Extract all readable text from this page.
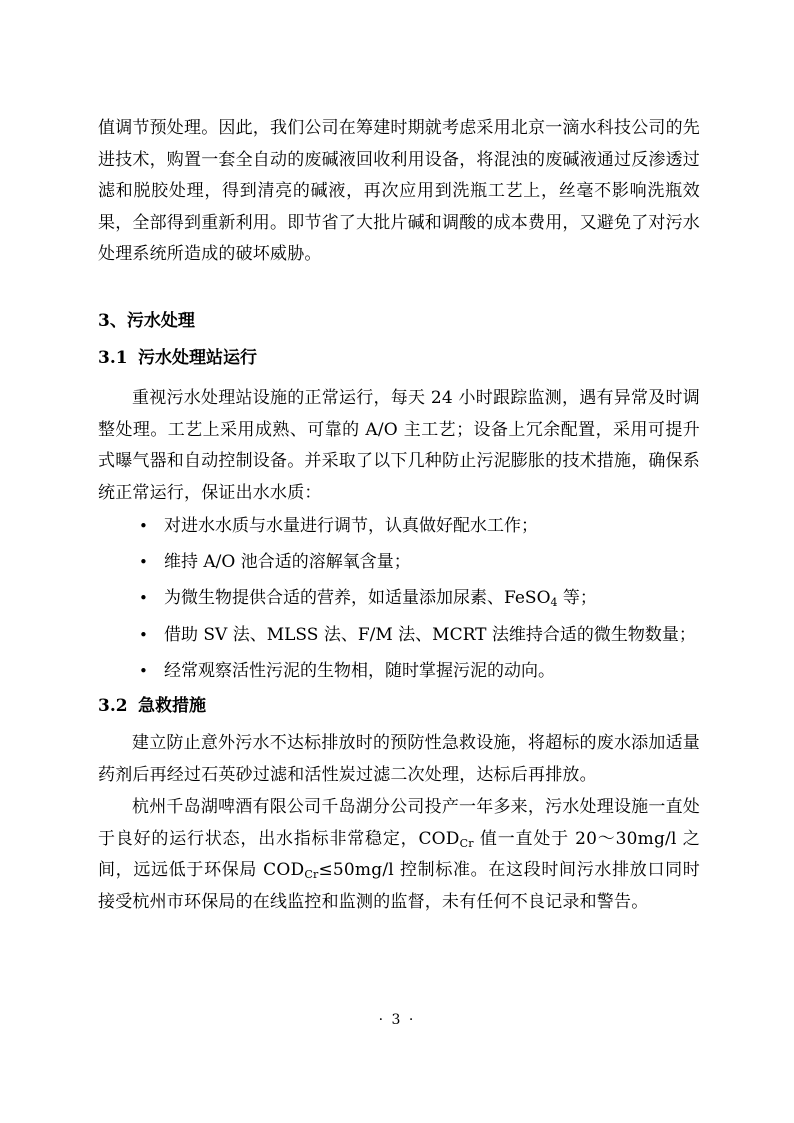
值调节预处理。因此，我们公司在筹建时期就考虑采用北京一滴水科技公司的先进技术，购置一套全自动的废碱液回收利用设备，将混浊的废碱液通过反渗透过滤和脱胶处理，得到清亮的碱液，再次应用到洗瓶工艺上，丝毫不影响洗瓶效果，全部得到重新利用。即节省了大批片碱和调酸的成本费用，又避免了对污水处理系统所造成的破坏威胁。

3、污水处理
3.1 污水处理站运行

重视污水处理站设施的正常运行，每天 24 小时跟踪监测，遇有异常及时调整处理。工艺上采用成熟、可靠的 A/O 主工艺；设备上冗余配置，采用可提升式曝气器和自动控制设备。并采取了以下几种防止污泥膨胀的技术措施，确保系统正常运行，保证出水水质：

• 对进水水质与水量进行调节，认真做好配水工作；
• 维持 A/O 池合适的溶解氧含量；
• 为微生物提供合适的营养，如适量添加尿素、FeSO$_4$ 等；
• 借助 SV 法、MLSS 法、F/M 法、MCRT 法维持合适的微生物数量；
• 经常观察活性污泥的生物相，随时掌握污泥的动向。
3.2 急救措施

建立防止意外污水不达标排放时的预防性急救设施，将超标的废水添加适量药剂后再经过石英砂过滤和活性炭过滤二次处理，达标后再排放。

杭州千岛湖啤酒有限公司千岛湖分公司投产一年多来，污水处理设施一直处于良好的运行状态，出水指标非常稳定，$COD_{Cr}$ 值一直处于 20～30mg/l 之间，远远低于环保局 $COD_{Cr}\le 50mg/l$ 控制标准。在这段时间污水排放口同时接受杭州市环保局的在线监控和监测的监督，未有任何不良记录和警告。

· 3 ·
